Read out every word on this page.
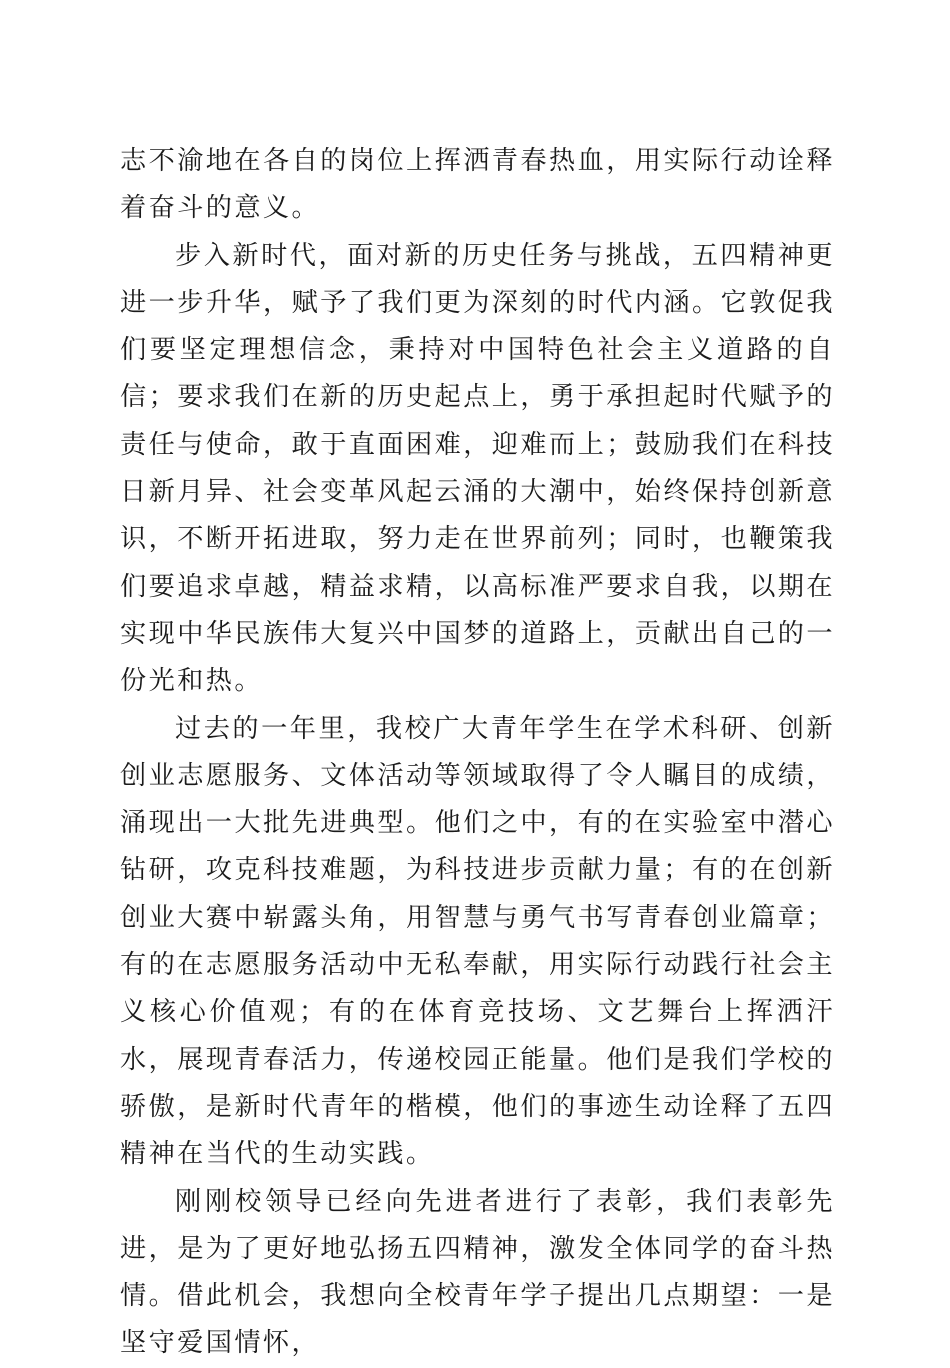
志不渝地在各自的岗位上挥洒青春热血，用实际行动诠释着奋斗的意义。

步入新时代，面对新的历史任务与挑战，五四精神更进一步升华，赋予了我们更为深刻的时代内涵。它敦促我们要坚定理想信念，秉持对中国特色社会主义道路的自信；要求我们在新的历史起点上，勇于承担起时代赋予的责任与使命，敢于直面困难，迎难而上；鼓励我们在科技日新月异、社会变革风起云涌的大潮中，始终保持创新意识，不断开拓进取，努力走在世界前列；同时，也鞭策我们要追求卓越，精益求精，以高标准严要求自我，以期在实现中华民族伟大复兴中国梦的道路上，贡献出自己的一份光和热。

过去的一年里，我校广大青年学生在学术科研、创新创业志愿服务、文体活动等领域取得了令人瞩目的成绩，涌现出一大批先进典型。他们之中，有的在实验室中潜心钻研，攻克科技难题，为科技进步贡献力量；有的在创新创业大赛中崭露头角，用智慧与勇气书写青春创业篇章；有的在志愿服务活动中无私奉献，用实际行动践行社会主义核心价值观；有的在体育竞技场、文艺舞台上挥洒汗水，展现青春活力，传递校园正能量。他们是我们学校的骄傲，是新时代青年的楷模，他们的事迹生动诠释了五四精神在当代的生动实践。

刚刚校领导已经向先进者进行了表彰，我们表彰先进，是为了更好地弘扬五四精神，激发全体同学的奋斗热情。借此机会，我想向全校青年学子提出几点期望：一是坚守爱国情怀，
